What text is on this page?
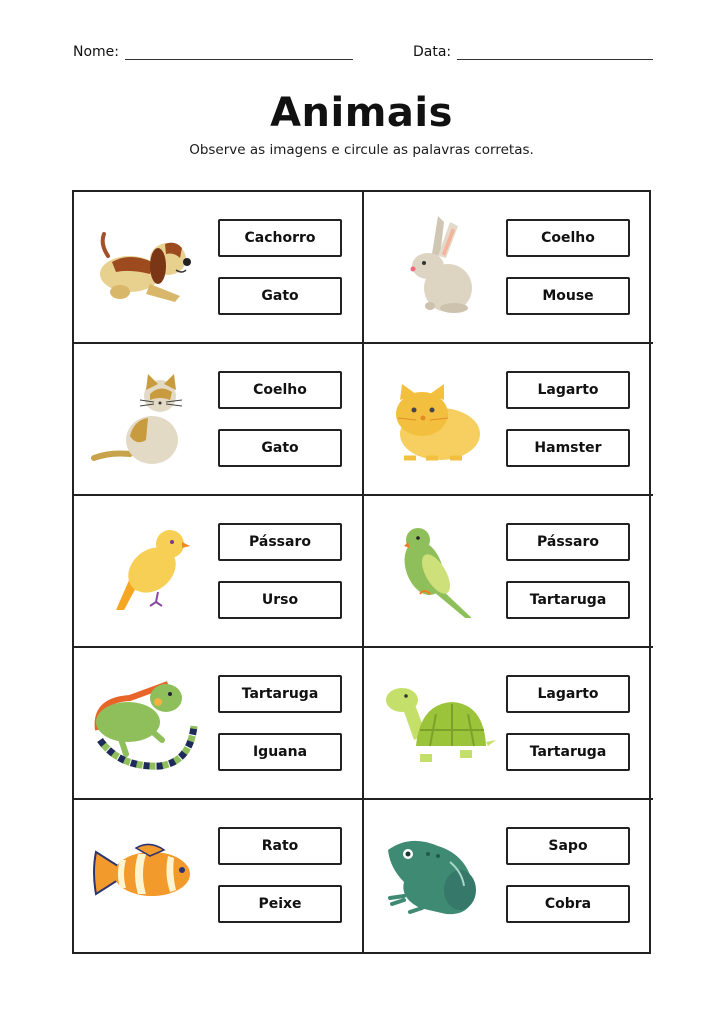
Nome:	Data:
Animais
Observe as imagens e circule as palavras corretas.
Cachorro
Gato
Coelho
Mouse
Coelho
Gato
Lagarto
Hamster
Pássaro
Urso
Pássaro
Tartaruga
Tartaruga
Iguana
Lagarto
Tartaruga
Rato
Peixe
Sapo
Cobra
